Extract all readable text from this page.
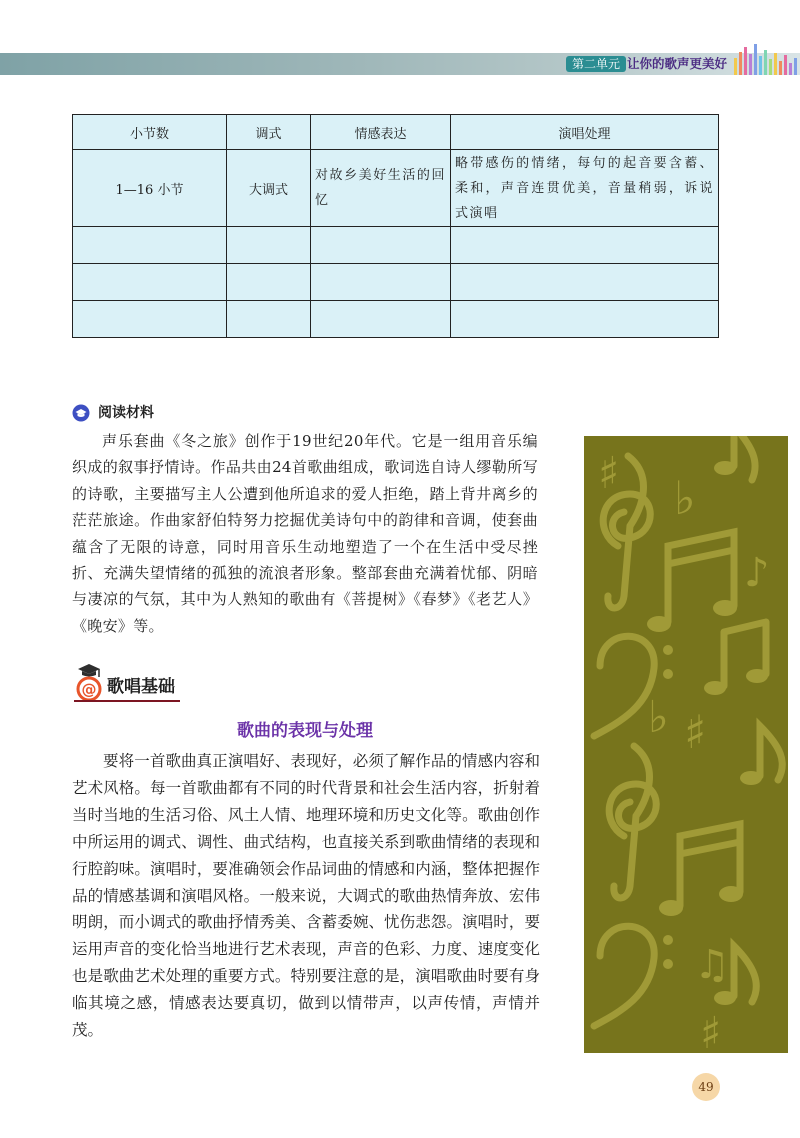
第二单元 让你的歌声更美好
小节数	调式	情感表达	演唱处理
1—16 小节	大调式	对故乡美好生活的回忆	略带感伤的情绪，每句的起音要含蓄、柔和，声音连贯优美，音量稍弱，诉说式演唱

阅读材料

声乐套曲《冬之旅》创作于19世纪20年代。它是一组用音乐编织成的叙事抒情诗。作品共由24首歌曲组成，歌词选自诗人缪勒所写的诗歌，主要描写主人公遭到他所追求的爱人拒绝，踏上背井离乡的茫茫旅途。作曲家舒伯特努力挖掘优美诗句中的韵律和音调，使套曲蕴含了无限的诗意，同时用音乐生动地塑造了一个在生活中受尽挫折、充满失望情绪的孤独的流浪者形象。整部套曲充满着忧郁、阴暗与凄凉的气氛，其中为人熟知的歌曲有《菩提树》《春梦》《老艺人》《晚安》等。

♯ ♭
♯
♭
♯
♪
♫
@ 歌唱基础
歌曲的表现与处理

要将一首歌曲真正演唱好、表现好，必须了解作品的情感内容和艺术风格。每一首歌曲都有不同的时代背景和社会生活内容，折射着当时当地的生活习俗、风土人情、地理环境和历史文化等。歌曲创作中所运用的调式、调性、曲式结构，也直接关系到歌曲情绪的表现和行腔韵味。演唱时，要准确领会作品词曲的情感和内涵，整体把握作品的情感基调和演唱风格。一般来说，大调式的歌曲热情奔放、宏伟明朗，而小调式的歌曲抒情秀美、含蓄委婉、忧伤悲怨。演唱时，要运用声音的变化恰当地进行艺术表现，声音的色彩、力度、速度变化也是歌曲艺术处理的重要方式。特别要注意的是，演唱歌曲时要有身临其境之感，情感表达要真切，做到以情带声，以声传情，声情并茂。

49
